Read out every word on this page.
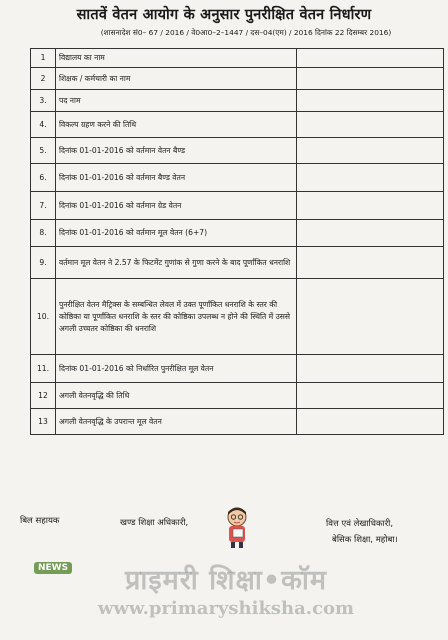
सातवें वेतन आयोग के अनुसार पुनरीक्षित वेतन निर्धारण
(शासनादेश सं0– 67 / 2016 / वे0आ0–2–1447 / दस–04(एम) / 2016 दिनांक 22 दिसम्बर 2016)
1	विद्यालय का नाम	
2	शिक्षक / कर्मचारी का नाम	
3.	पद नाम	
4.	विकल्प ग्रहण करने की तिथि	
5.	दिनांक 01-01-2016 को वर्तमान वेतन बैण्ड	
6.	दिनांक 01-01-2016 को वर्तमान बैण्ड वेतन	
7.	दिनांक 01-01-2016 को वर्तमान ग्रेड वेतन	
8.	दिनांक 01-01-2016 को वर्तमान मूल वेतन (6+7)	
9.	वर्तमान मूल वेतन ने 2.57 के फिटमेंट गुणांक से गुणा करने के बाद पूर्णांकित धनराशि	
10.	पुनरीक्षित वेतन मैट्रिक्स के सम्बन्धित लेवल में उक्त पूर्णांकित धनराशि के स्तर की कोष्ठिका या पूर्णांकित धनराशि के स्तर की कोष्ठिका उपलब्ध न होने की स्थिति में उससे अगली उच्चतर कोष्ठिका की धनराशि	
11.	दिनांक 01-01-2016 को निर्धारित पुनरीक्षित मूल वेतन	
12	अगली वेतनवृद्धि की तिथि	
13	अगली वेतनवृद्धि के उपरान्त मूल वेतन	
बिल सहायक	खण्ड शिक्षा अधिकारी,	वित्त एवं लेखाधिकारी,
बेसिक शिक्षा, महोबा।
NEWS	प्राइमरी शिक्षा•कॉम
www.primaryshiksha.com
